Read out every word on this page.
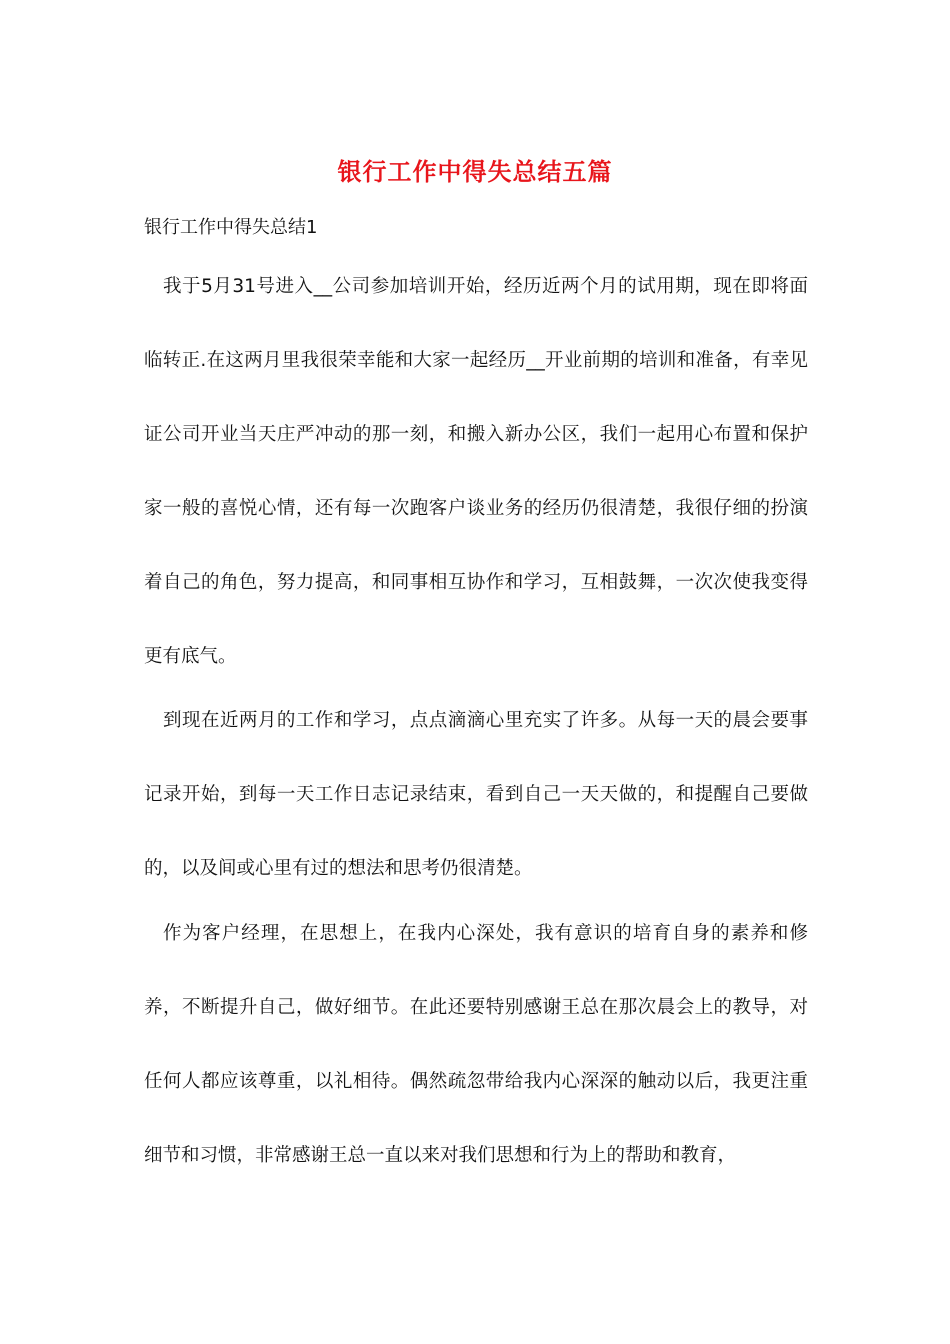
银行工作中得失总结五篇
银行工作中得失总结1

我于5月31号进入__公司参加培训开始，经历近两个月的试用期，现在即将面临转正.在这两月里我很荣幸能和大家一起经历__开业前期的培训和准备，有幸见证公司开业当天庄严冲动的那一刻，和搬入新办公区，我们一起用心布置和保护家一般的喜悦心情，还有每一次跑客户谈业务的经历仍很清楚，我很仔细的扮演着自己的角色，努力提高，和同事相互协作和学习，互相鼓舞，一次次使我变得更有底气。

到现在近两月的工作和学习，点点滴滴心里充实了许多。从每一天的晨会要事记录开始，到每一天工作日志记录结束，看到自己一天天做的，和提醒自己要做的，以及间或心里有过的想法和思考仍很清楚。

作为客户经理，在思想上，在我内心深处，我有意识的培育自身的素养和修养，不断提升自己，做好细节。在此还要特别感谢王总在那次晨会上的教导，对任何人都应该尊重，以礼相待。偶然疏忽带给我内心深深的触动以后，我更注重细节和习惯，非常感谢王总一直以来对我们思想和行为上的帮助和教育，
